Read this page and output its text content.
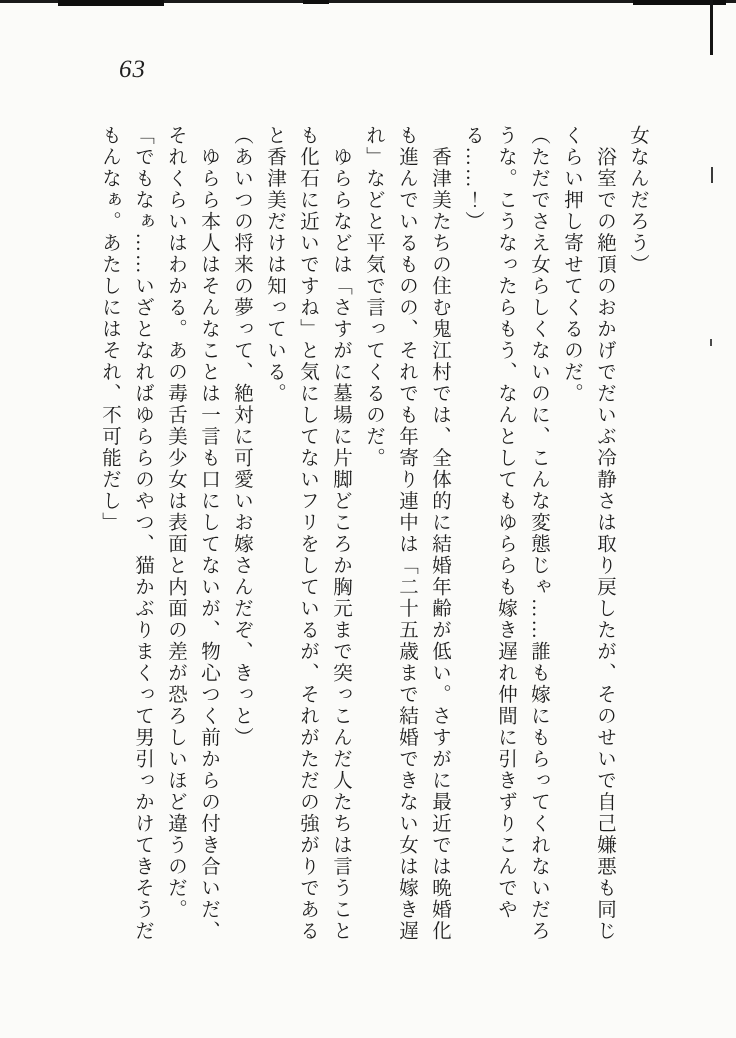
63

女なんだろう）

　浴室での絶頂のおかげでだいぶ冷静さは取り戻したが、そのせいで自己嫌悪も同じくらい押し寄せてくるのだ。

（ただでさえ女らしくないのに、こんな変態じゃ……誰も嫁にもらってくれないだろうな。こうなったらもう、なんとしてもゆららも嫁き遅れ仲間に引きずりこんでやる……！）

　香津美たちの住む鬼江村では、全体的に結婚年齢が低い。さすがに最近では晩婚化も進んでいるものの、それでも年寄り連中は「二十五歳まで結婚できない女は嫁き遅れ」などと平気で言ってくるのだ。

　ゆららなどは「さすがに墓場に片脚どころか胸元まで突っこんだ人たちは言うことも化石に近いですね」と気にしてないフリをしているが、それがただの強がりであると香津美だけは知っている。

（あいつの将来の夢って、絶対に可愛いお嫁さんだぞ、きっと）

　ゆらら本人はそんなことは一言も口にしてないが、物心つく前からの付き合いだ、それくらいはわかる。あの毒舌美少女は表面と内面の差が恐ろしいほど違うのだ。

「でもなぁ……いざとなればゆららのやつ、猫かぶりまくって男引っかけてきそうだもんなぁ。あたしにはそれ、不可能だし」
